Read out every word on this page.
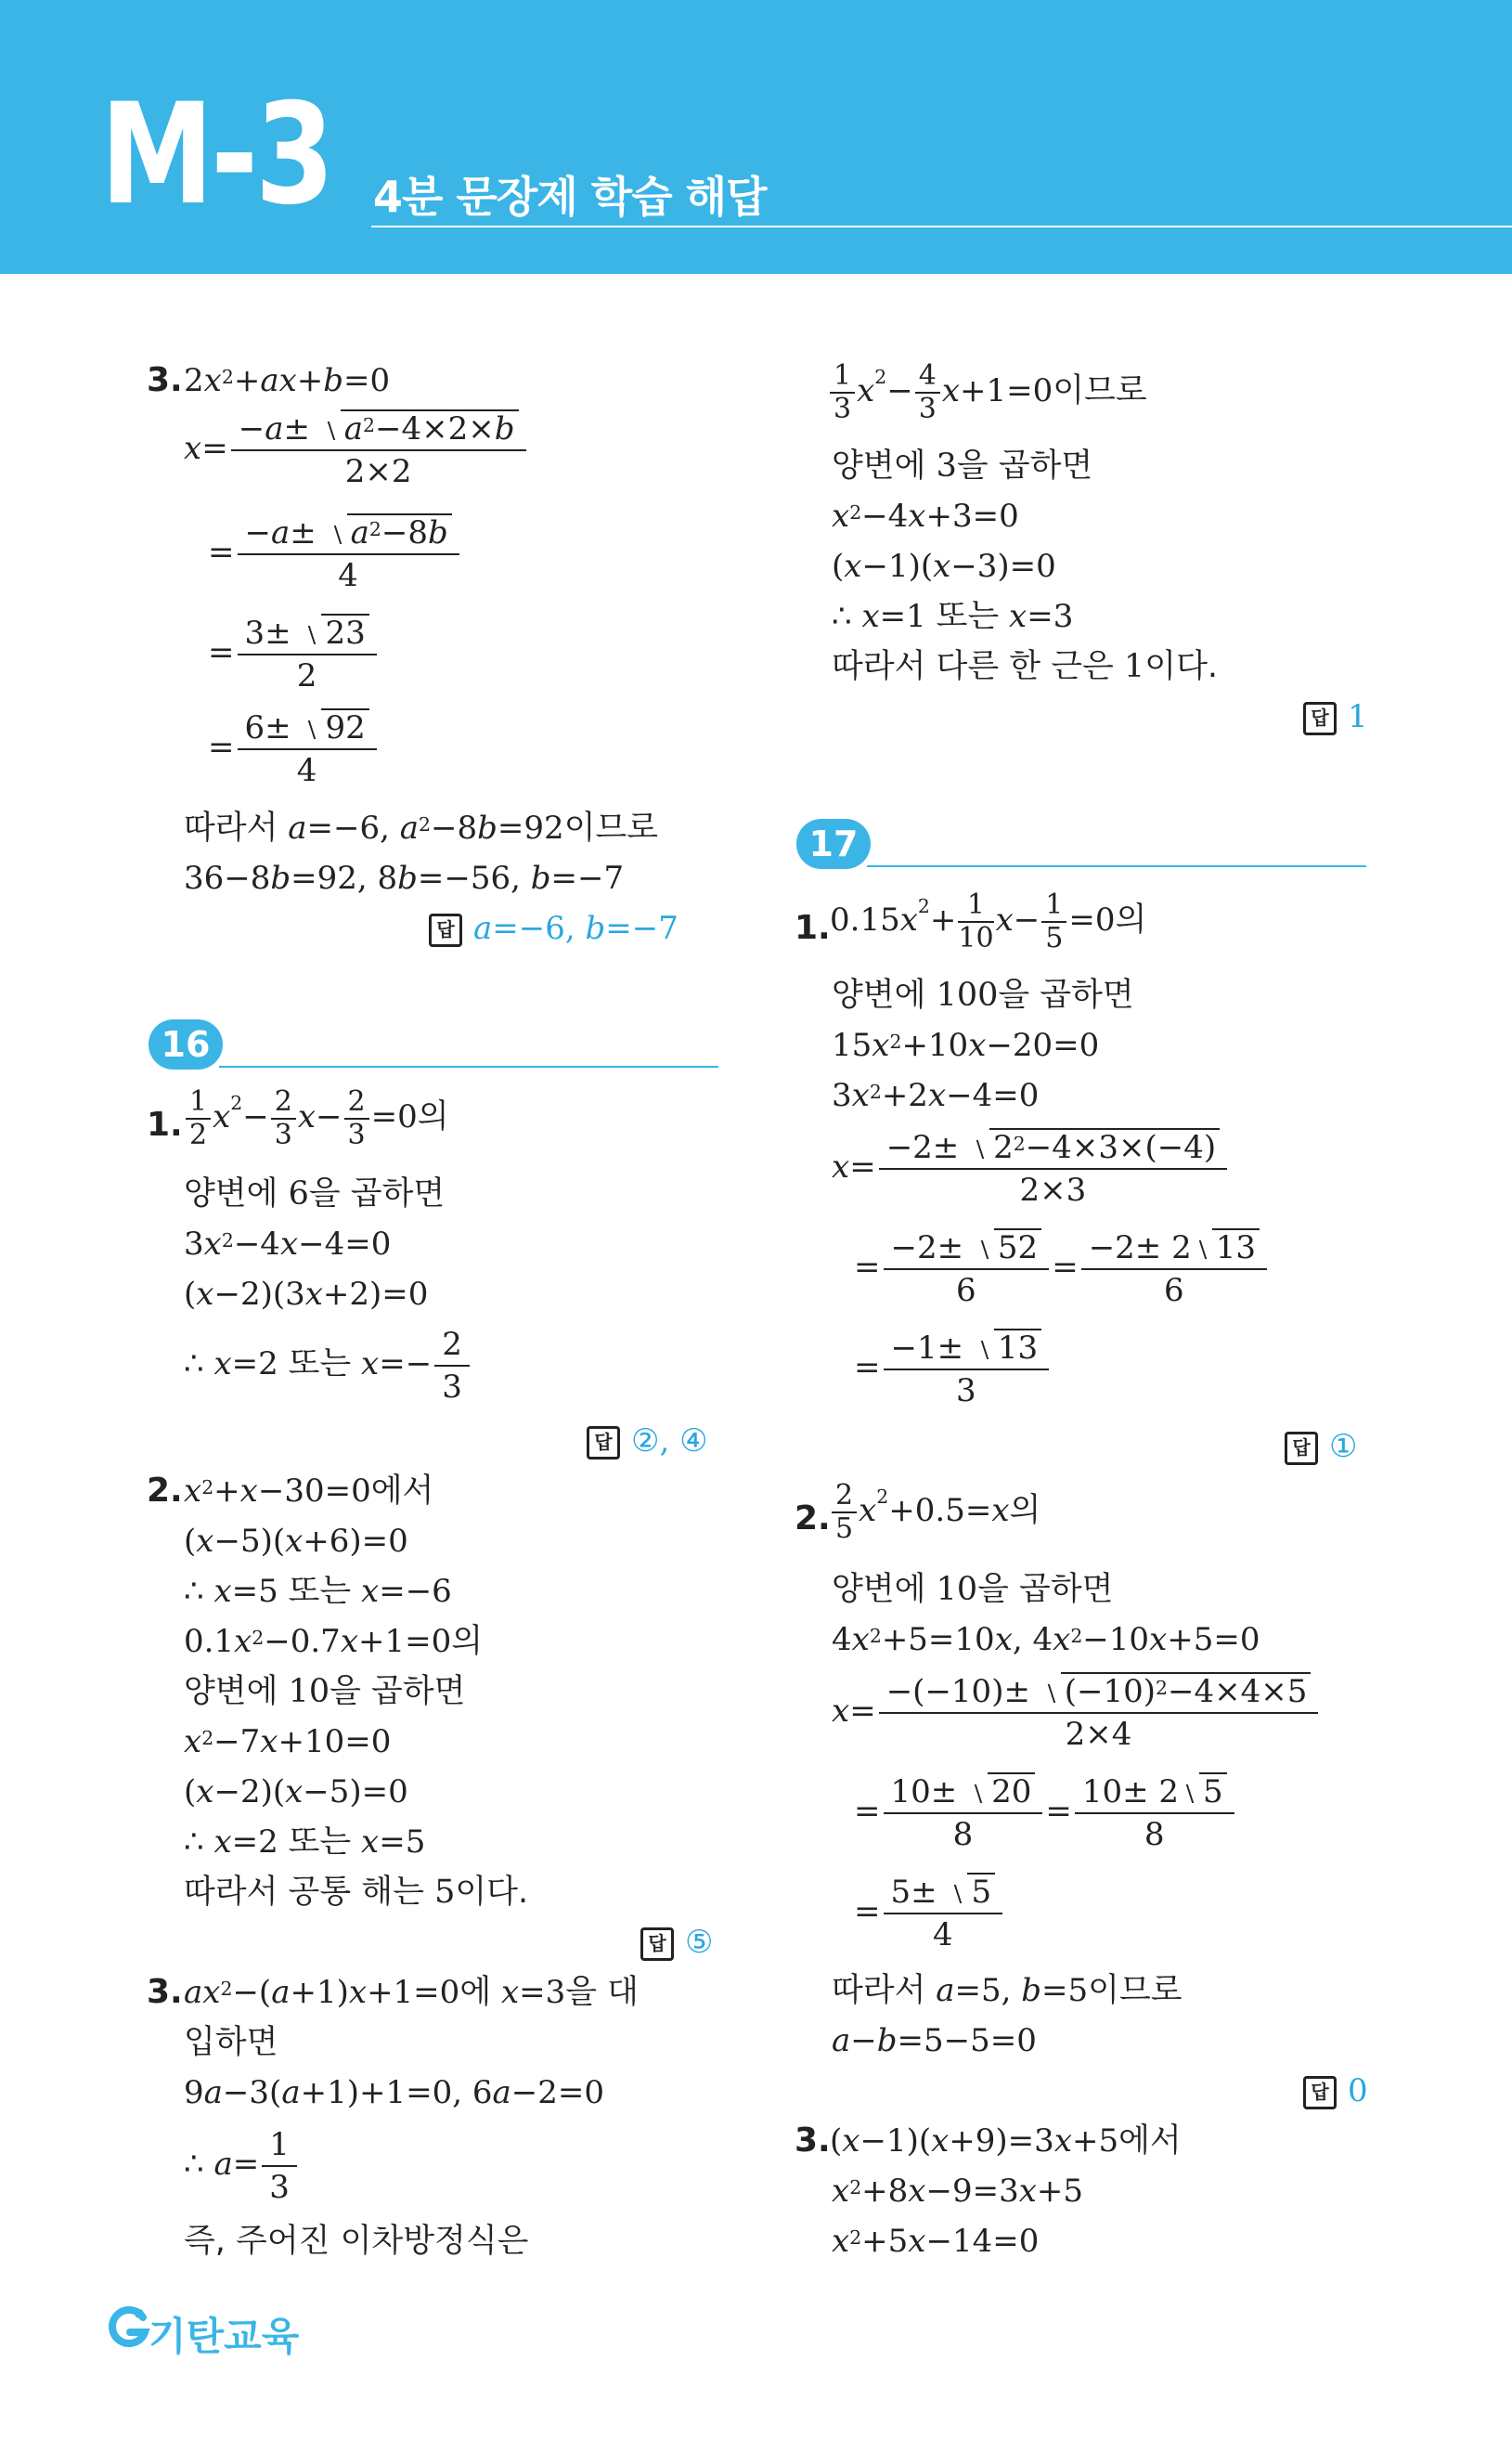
M-3 4분 문장제 학습 해답
3. $2x^2+ax+b=0$
$x= \frac{-a\pm a^2-4\times 2\times b}{2\times 2}$
= $\frac{-a\pm a^2-8b}{4}$
= $\frac{3\pm 23}{2}$
= $\frac{6\pm 92}{4}$
따라서 a=−6, $a^2-8b=92$이므로
36−8b=92, 8b=−56, b=−7
답 a=−6, b=−7
16
1. $\frac{1}{2} x^2- \frac{2}{3} x- \frac{2}{3} =0$의
양변에 6을 곱하면
$3x^2-4x-4=0$
(x−2)(3x+2)=0
∴ x=2 또는 $x=- \frac{2}{3}$
답 ②, ④
2. $x^2+x-30=0$에서
(x−5)(x+6)=0
∴ x=5 또는 x=−6
$0.1x^2-0.7x+1=0$의
양변에 10을 곱하면
$x^2-7x+10=0$
(x−2)(x−5)=0
∴ x=2 또는 x=5
따라서 공통 해는 5이다.
답 ⑤
3. $ax^2-(a+1)x+1=0$에 x=3을 대
입하면
9a−3(a+1)+1=0, 6a−2=0
∴ $a= \frac{1}{3}$
즉, 주어진 이차방정식은
$\frac{1}{3} x^2- \frac{4}{3} x+1=0$이므로
양변에 3을 곱하면
$x^2-4x+3=0$
(x−1)(x−3)=0
∴ x=1 또는 x=3
따라서 다른 한 근은 1이다.
답 1
17
1. $0.15x^2+ \frac{1}{10} x- \frac{1}{5} =0$의
양변에 100을 곱하면
$15x^2+10x-20=0$
$3x^2+2x-4=0$
$x= \frac{-2\pm 2^2-4\times 3\times(-4)}{2\times 3}$
= $\frac{-2\pm 52}{6} = \frac{-2\pm 2 13}{6}$
= $\frac{-1\pm 13}{3}$
답 ①
2. $\frac{2}{5} x^2+0.5=x$의
양변에 10을 곱하면
$4x^2+5=10x$, $4x^2-10x+5=0$
$x= \frac{-(-10)\pm (-10)^2-4\times 4\times 5}{2\times 4}$
= $\frac{10\pm 20}{8} = \frac{10\pm 2 5}{8}$
= $\frac{5\pm 5}{4}$
따라서 a=5, b=5이므로
a−b=5−5=0
답 0
3. (x−1)(x+9)=3x+5에서
$x^2+8x-9=3x+5$
$x^2+5x-14=0$
기탄교육
